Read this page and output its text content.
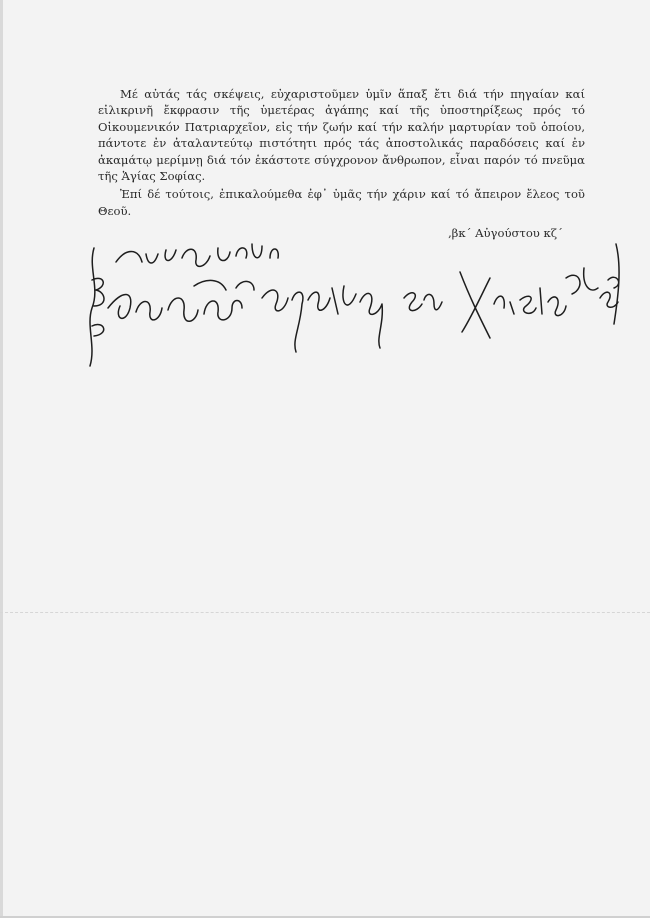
Μέ αὐτάς τάς σκέψεις, εὐχαριστοῦμεν ὑμῖν ἅπαξ ἔτι διά τήν πηγαίαν καί εἰλικρινῆ ἔκφρασιν τῆς ὑμετέρας ἀγάπης καί τῆς ὑποστηρίξεως πρός τό Οἰκουμενικόν Πατριαρχεῖον, εἰς τήν ζωήν καί τήν καλήν μαρτυρίαν τοῦ ὁποίου, πάντοτε ἐν ἀταλαντεύτῳ πιστότητι πρός τάς ἀποστολικάς παραδόσεις καί ἐν ἀκαμάτῳ μερίμνῃ διά τόν ἑκάστοτε σύγχρονον ἄνθρωπον, εἶναι παρόν τό πνεῦμα τῆς Ἁγίας Σοφίας.

Ἐπί δέ τούτοις, ἐπικαλούμεθα ἐφ᾽ ὑμᾶς τήν χάριν καί τό ἄπειρον ἔλεος τοῦ Θεοῦ.

‚βκ΄ Αὐγούστου κζ΄
